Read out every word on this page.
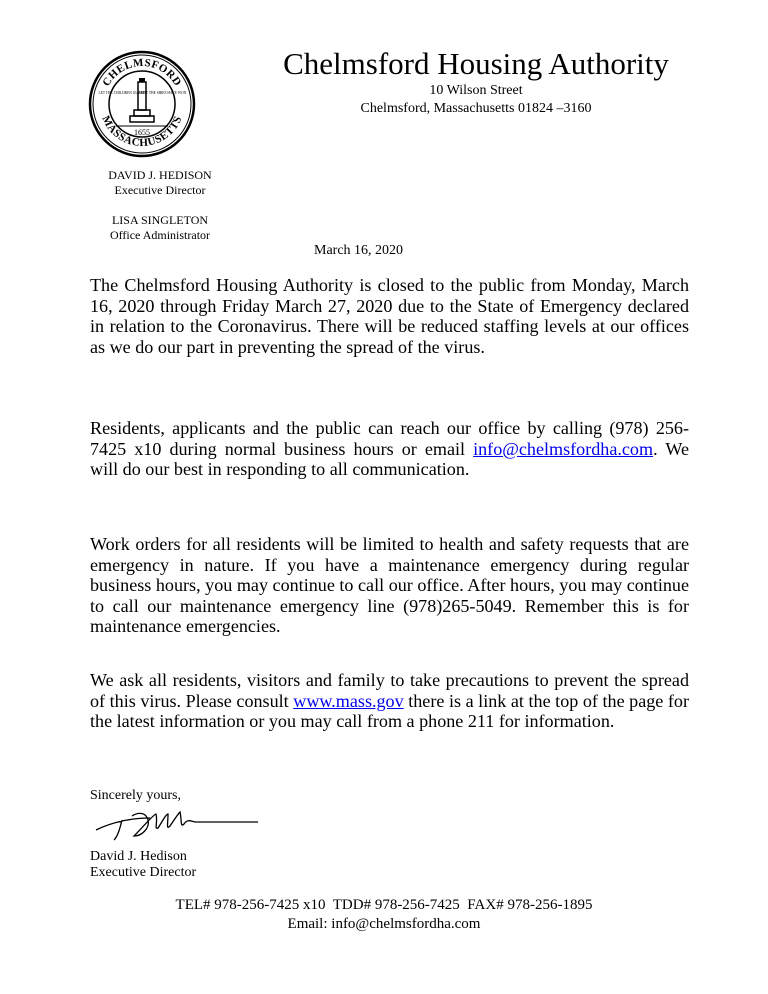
CHELMSFORD
MASSACHUSETTS
1655
LET THE CHILDREN GUARD
WHAT THE SIRES HAVE WON
Chelmsford Housing Authority
10 Wilson Street
Chelmsford, Massachusetts 01824 –3160
DAVID J. HEDISON
Executive Director
LISA SINGLETON
Office Administrator
March 16, 2020

The Chelmsford Housing Authority is closed to the public from Monday, March 16, 2020 through Friday March 27, 2020 due to the State of Emergency declared in relation to the Coronavirus. There will be reduced staffing levels at our offices as we do our part in preventing the spread of the virus.

Residents, applicants and the public can reach our office by calling (978) 256-7425 x10 during normal business hours or email info@chelmsfordha.com. We will do our best in responding to all communication.

Work orders for all residents will be limited to health and safety requests that are emergency in nature. If you have a maintenance emergency during regular business hours, you may continue to call our office. After hours, you may continue to call our maintenance emergency line (978)265-5049. Remember this is for maintenance emergencies.

We ask all residents, visitors and family to take precautions to prevent the spread of this virus. Please consult www.mass.gov there is a link at the top of the page for the latest information or you may call from a phone 211 for information.

Sincerely yours,
David J. Hedison
Executive Director
TEL# 978-256-7425 x10  TDD# 978-256-7425  FAX# 978-256-1895
Email: info@chelmsfordha.com
